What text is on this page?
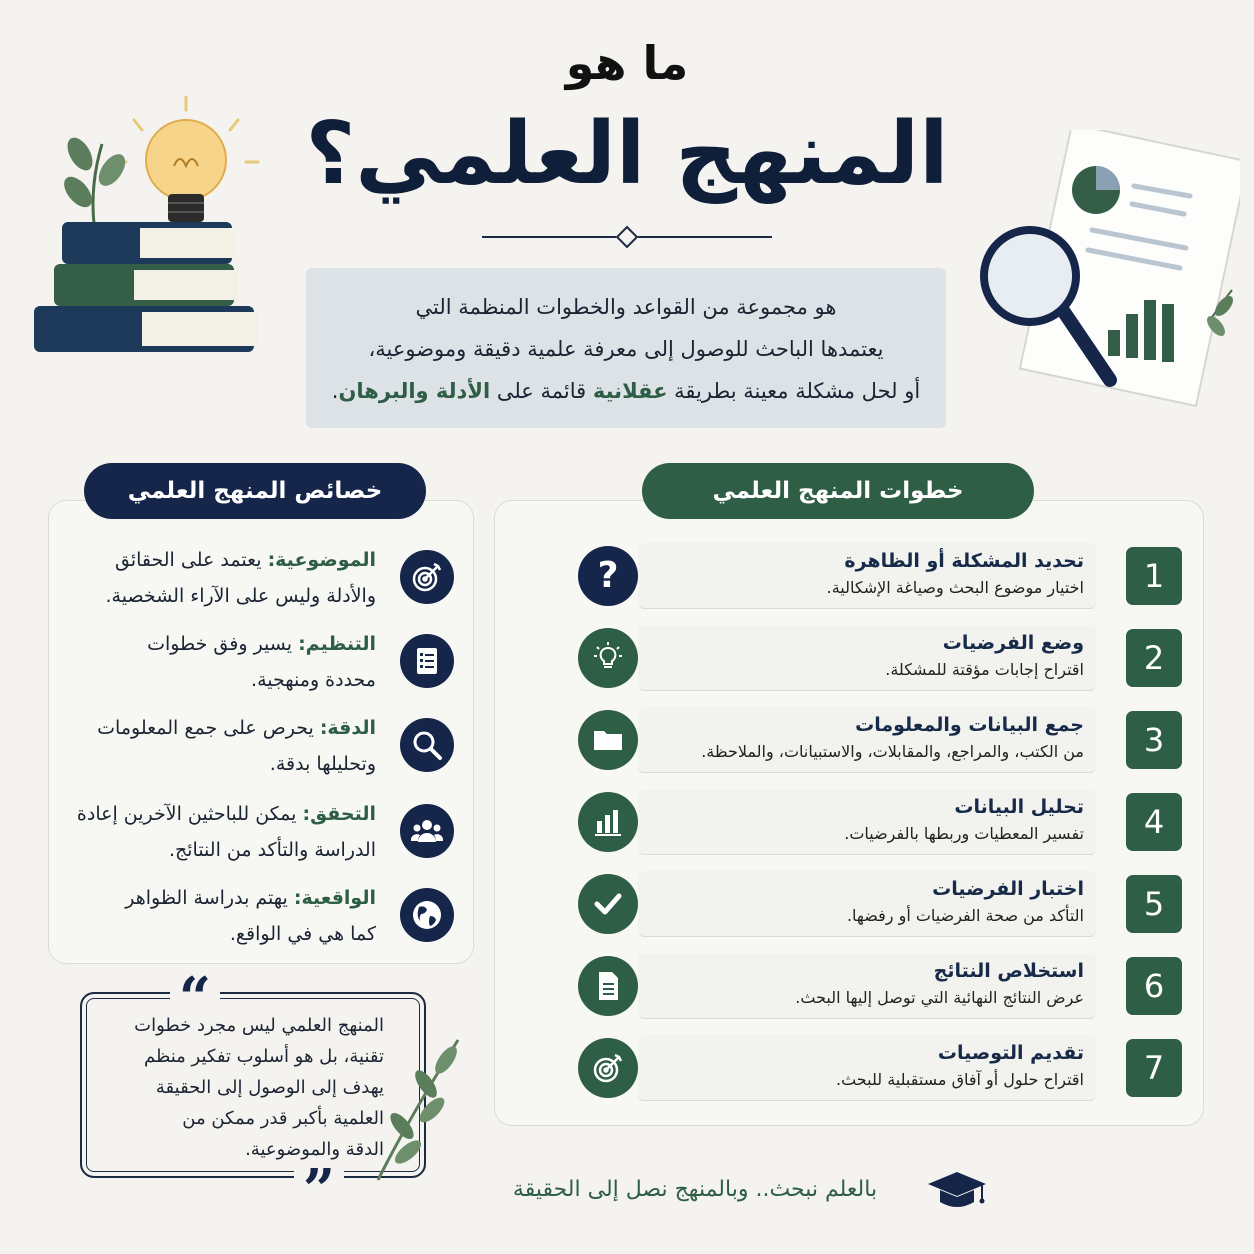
ما هو
المنهج العلمي؟
هو مجموعة من القواعد والخطوات المنظمة التي
يعتمدها الباحث للوصول إلى معرفة علمية دقيقة وموضوعية،
أو لحل مشكلة معينة بطريقة عقلانية قائمة على الأدلة والبرهان.
خطوات المنهج العلمي
1
تحديد المشكلة أو الظاهرة
اختيار موضوع البحث وصياغة الإشكالية.
?
2
وضع الفرضيات
اقتراح إجابات مؤقتة للمشكلة.
3
جمع البيانات والمعلومات
من الكتب، والمراجع، والمقابلات، والاستبيانات، والملاحظة.
4
تحليل البيانات
تفسير المعطيات وربطها بالفرضيات.
5
اختبار الفرضيات
التأكد من صحة الفرضيات أو رفضها.
6
استخلاص النتائج
عرض النتائج النهائية التي توصل إليها البحث.
7
تقديم التوصيات
اقتراح حلول أو آفاق مستقبلية للبحث.
خصائص المنهج العلمي
الموضوعية: يعتمد على الحقائق
والأدلة وليس على الآراء الشخصية.
التنظيم: يسير وفق خطوات
محددة ومنهجية.
الدقة: يحرص على جمع المعلومات
وتحليلها بدقة.
التحقق: يمكن للباحثين الآخرين إعادة
الدراسة والتأكد من النتائج.
الواقعية: يهتم بدراسة الظواهر
كما هي في الواقع.
“
”
المنهج العلمي ليس مجرد خطوات
تقنية، بل هو أسلوب تفكير منظم
يهدف إلى الوصول إلى الحقيقة
العلمية بأكبر قدر ممكن من
الدقة والموضوعية.
بالعلم نبحث.. وبالمنهج نصل إلى الحقيقة
